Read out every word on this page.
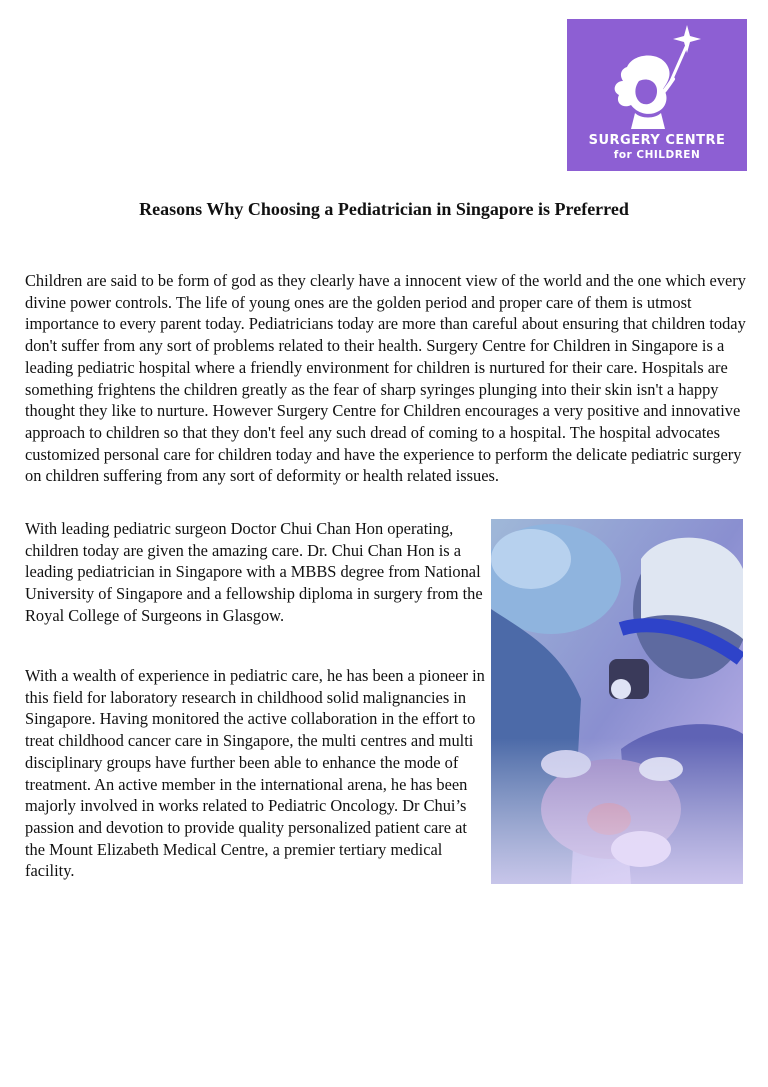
SURGERY CENTRE
for CHILDREN
Reasons Why Choosing a Pediatrician in Singapore is Preferred

Children are said to be form of god as they clearly have a innocent view of the world and the one which every divine power controls. The life of young ones are the golden period and proper care of them is utmost importance to every parent today. Pediatricians today are more than careful about ensuring that children today don't suffer from any sort of problems related to their health. Surgery Centre for Children in Singapore is a leading pediatric hospital where a friendly environment for children is nurtured for their care. Hospitals are something frightens the children greatly as the fear of sharp syringes plunging into their skin isn't a happy thought they like to nurture. However Surgery Centre for Children encourages a very positive and innovative approach to children so that they don't feel any such dread of coming to a hospital. The hospital advocates customized personal care for children today and have the experience to perform the delicate pediatric surgery on children suffering from any sort of deformity or health related issues.

With leading pediatric surgeon Doctor Chui Chan Hon operating, children today are given the amazing care. Dr. Chui Chan Hon is a leading pediatrician in Singapore with a MBBS degree from National University of Singapore and a fellowship diploma in surgery from the Royal College of Surgeons in Glasgow.

With a wealth of experience in pediatric care, he has been a pioneer in this field for laboratory research in childhood solid malignancies in Singapore. Having monitored the active collaboration in the effort to treat childhood cancer care in Singapore, the multi centres and multi disciplinary groups have further been able to enhance the mode of treatment. An active member in the international arena, he has been majorly involved in works related to Pediatric Oncology. Dr Chui’s passion and devotion to provide quality personalized patient care at the Mount Elizabeth Medical Centre, a premier tertiary medical facility.
